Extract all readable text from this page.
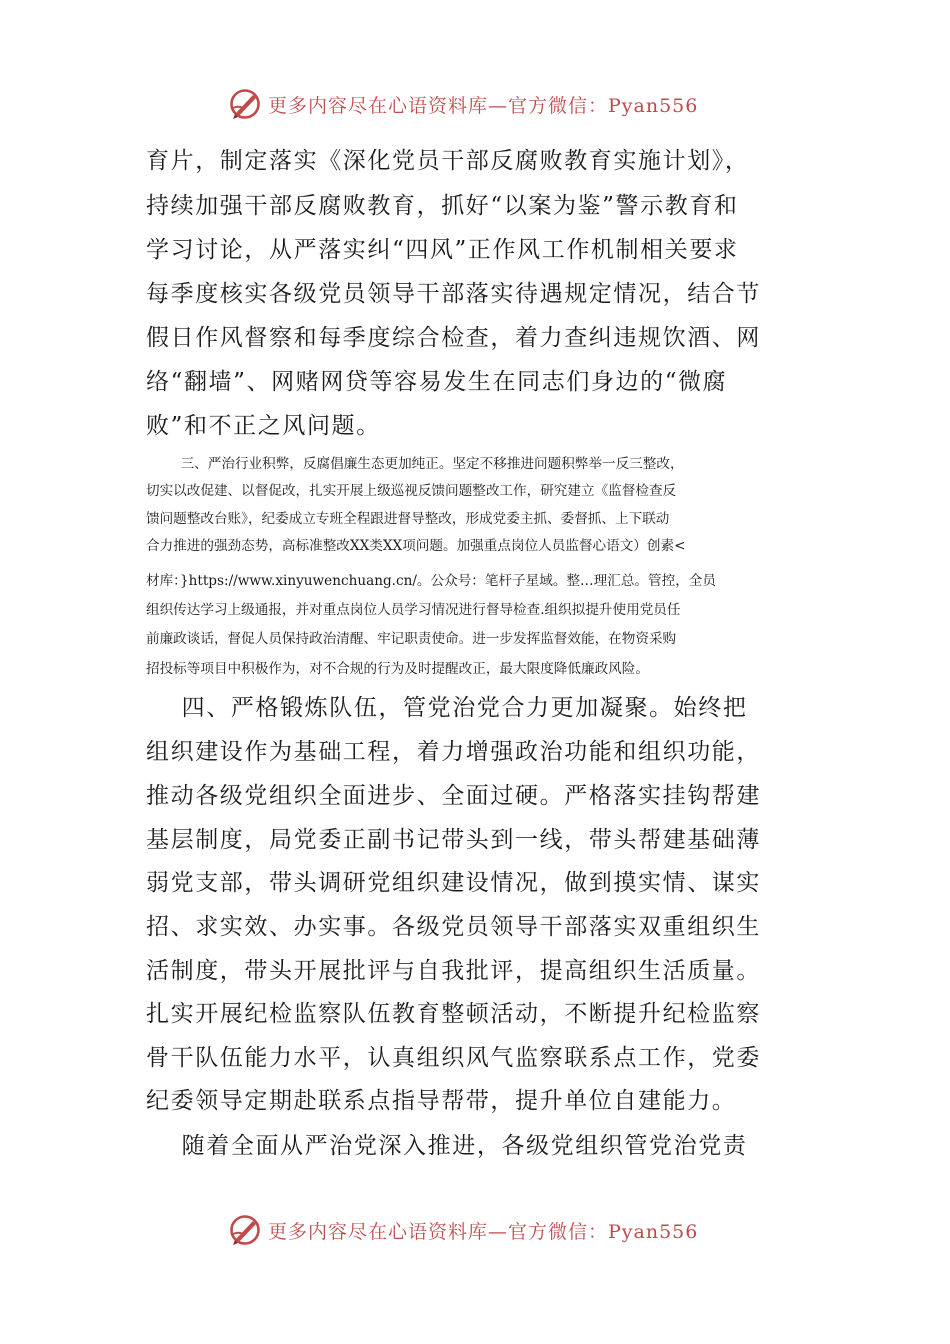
更多内容尽在心语资料库—官方微信：Pyan556
育片，制定落实《深化党员干部反腐败教育实施计划》，
持续加强干部反腐败教育，抓好“以案为鉴”警示教育和
学习讨论，从严落实纠“四风”正作风工作机制相关要求
每季度核实各级党员领导干部落实待遇规定情况，结合节
假日作风督察和每季度综合检查，着力查纠违规饮酒、网
络“翻墙”、网赌网贷等容易发生在同志们身边的“微腐
败”和不正之风问题。
三、严治行业积弊，反腐倡廉生态更加纯正。坚定不移推进问题积弊举一反三整改，
切实以改促建、以督促改，扎实开展上级巡视反馈问题整改工作，研究建立《监督检查反
馈问题整改台账》，纪委成立专班全程跟进督导整改，形成党委主抓、委督抓、上下联动
合力推进的强劲态势，高标准整改XX类XX项问题。加强重点岗位人员监督心语文）创素<
材库：}https://www.xinyuwenchuang.cn/。公众号：笔杆子星域。整…理汇总。管控，全员
组织传达学习上级通报，并对重点岗位人员学习情况进行督导检查.组织拟提升使用党员任
前廉政谈话，督促人员保持政治清醒、牢记职责使命。进一步发挥监督效能，在物资采购
招投标等项目中积极作为，对不合规的行为及时提醒改正，最大限度降低廉政风险。
四、严格锻炼队伍，管党治党合力更加凝聚。始终把
组织建设作为基础工程，着力增强政治功能和组织功能，
推动各级党组织全面进步、全面过硬。严格落实挂钩帮建
基层制度，局党委正副书记带头到一线，带头帮建基础薄
弱党支部，带头调研党组织建设情况，做到摸实情、谋实
招、求实效、办实事。各级党员领导干部落实双重组织生
活制度，带头开展批评与自我批评，提高组织生活质量。
扎实开展纪检监察队伍教育整顿活动，不断提升纪检监察
骨干队伍能力水平，认真组织风气监察联系点工作，党委
纪委领导定期赴联系点指导帮带，提升单位自建能力。
随着全面从严治党深入推进，各级党组织管党治党责
更多内容尽在心语资料库—官方微信：Pyan556
